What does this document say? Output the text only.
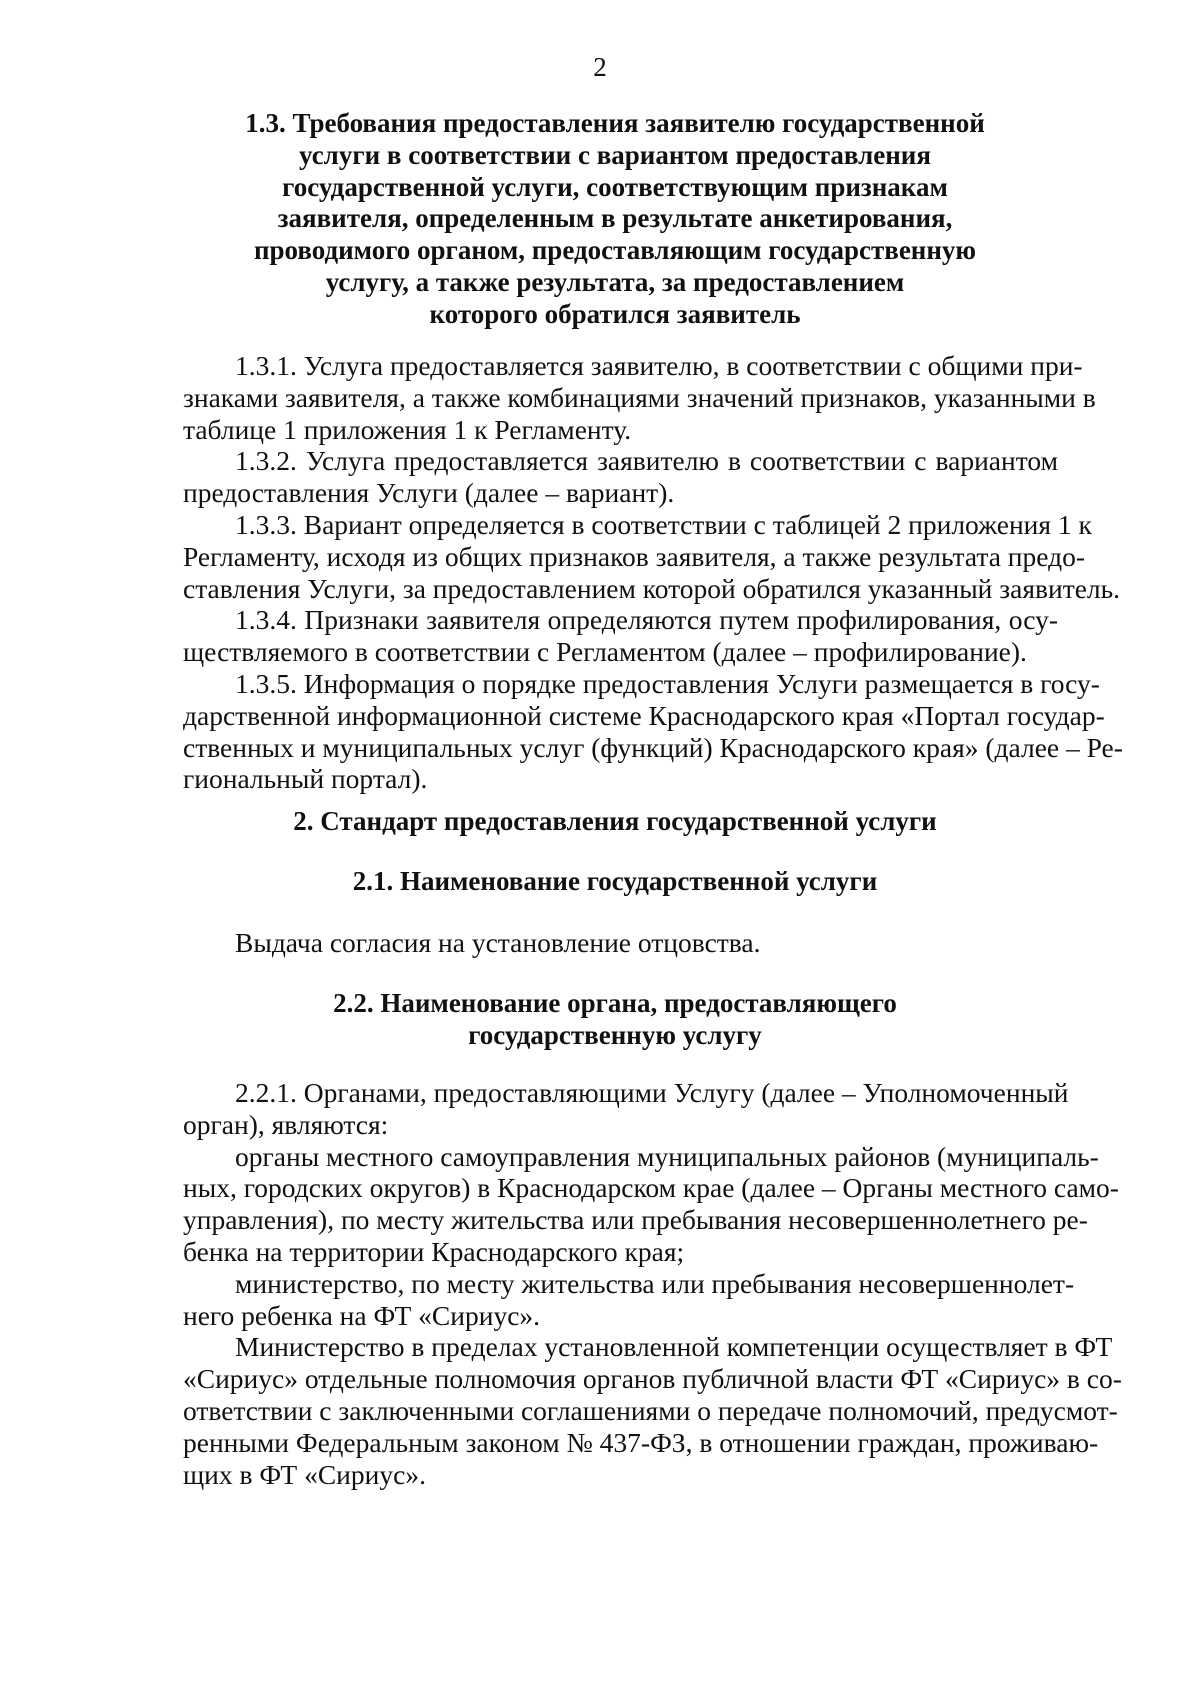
2
1.3. Требования предоставления заявителю государственной
услуги в соответствии с вариантом предоставления
государственной услуги, соответствующим признакам
заявителя, определенным в результате анкетирования,
проводимого органом, предоставляющим государственную
услугу, а также результата, за предоставлением
которого обратился заявитель
1.3.1. Услуга предоставляется заявителю, в соответствии с общими при-
знаками заявителя, а также комбинациями значений признаков, указанными в
таблице 1 приложения 1 к Регламенту.
1.3.2. Услуга предоставляется заявителю в соответствии с вариантом
предоставления Услуги (далее – вариант).
1.3.3. Вариант определяется в соответствии с таблицей 2 приложения 1 к
Регламенту, исходя из общих признаков заявителя, а также результата предо-
ставления Услуги, за предоставлением которой обратился указанный заявитель.
1.3.4. Признаки заявителя определяются путем профилирования, осу-
ществляемого в соответствии с Регламентом (далее – профилирование).
1.3.5. Информация о порядке предоставления Услуги размещается в госу-
дарственной информационной системе Краснодарского края «Портал государ-
ственных и муниципальных услуг (функций) Краснодарского края» (далее – Ре-
гиональный портал).
2. Стандарт предоставления государственной услуги
2.1. Наименование государственной услуги
Выдача согласия на установление отцовства.
2.2. Наименование органа, предоставляющего
государственную услугу
2.2.1. Органами, предоставляющими Услугу (далее – Уполномоченный
орган), являются:
органы местного самоуправления муниципальных районов (муниципаль-
ных, городских округов) в Краснодарском крае (далее – Органы местного само-
управления), по месту жительства или пребывания несовершеннолетнего ре-
бенка на территории Краснодарского края;
министерство, по месту жительства или пребывания несовершеннолет-
него ребенка на ФТ «Сириус».
Министерство в пределах установленной компетенции осуществляет в ФТ
«Сириус» отдельные полномочия органов публичной власти ФТ «Сириус» в со-
ответствии с заключенными соглашениями о передаче полномочий, предусмот-
ренными Федеральным законом № 437-ФЗ, в отношении граждан, проживаю-
щих в ФТ «Сириус».
